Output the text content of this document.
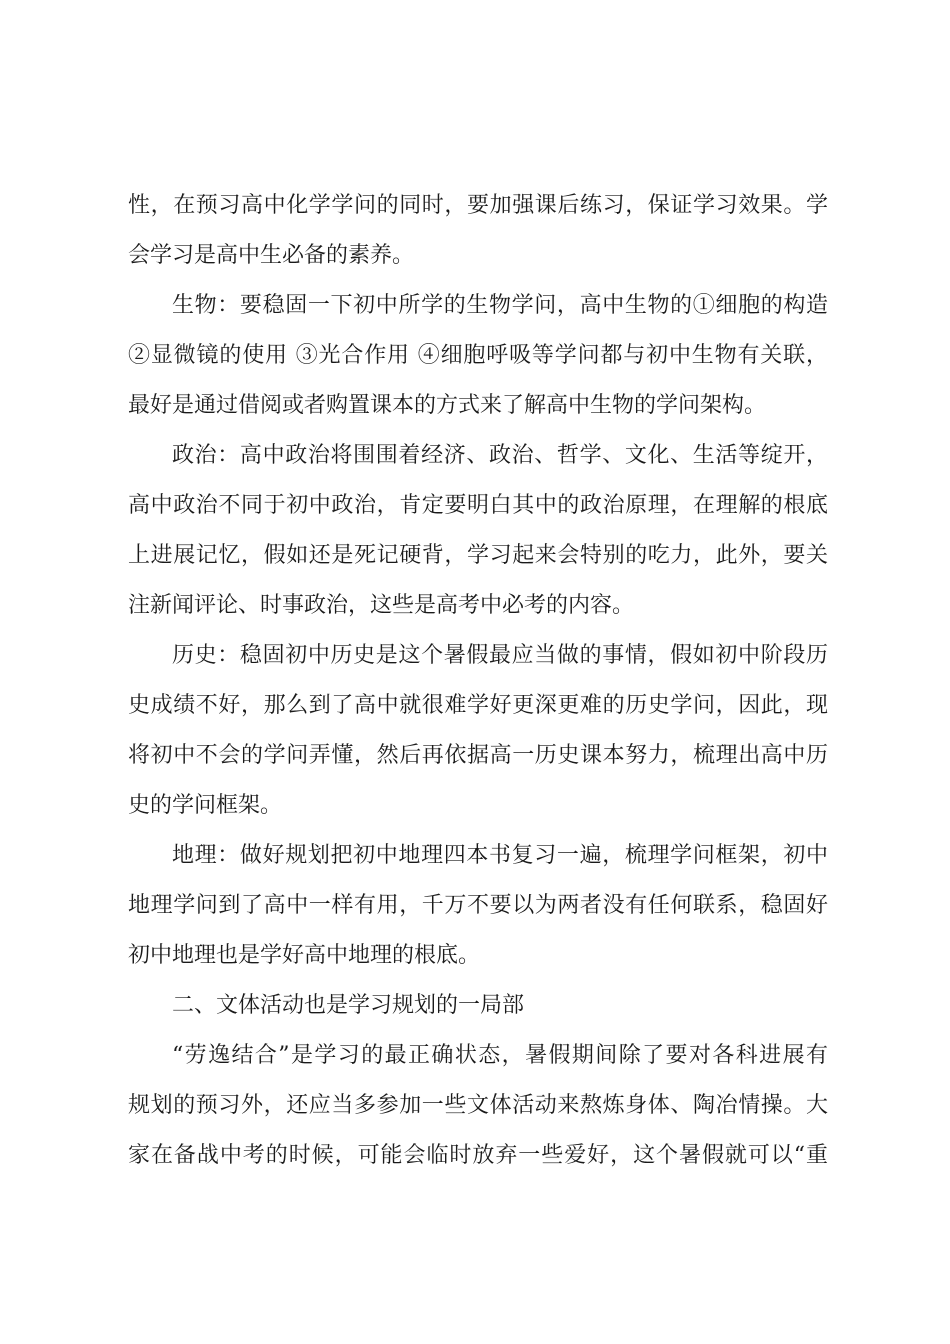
性，在预习高中化学学问的同时，要加强课后练习，保证学习效果。学
会学习是高中生必备的素养。
生物：要稳固一下初中所学的生物学问，高中生物的①细胞的构造
②显微镜的使用 ③光合作用 ④细胞呼吸等学问都与初中生物有关联，
最好是通过借阅或者购置课本的方式来了解高中生物的学问架构。
政治：高中政治将围围着经济、政治、哲学、文化、生活等绽开，
高中政治不同于初中政治，肯定要明白其中的政治原理，在理解的根底
上进展记忆，假如还是死记硬背，学习起来会特别的吃力，此外，要关
注新闻评论、时事政治，这些是高考中必考的内容。
历史：稳固初中历史是这个暑假最应当做的事情，假如初中阶段历
史成绩不好，那么到了高中就很难学好更深更难的历史学问，因此，现
将初中不会的学问弄懂，然后再依据高一历史课本努力，梳理出高中历
史的学问框架。
地理：做好规划把初中地理四本书复习一遍，梳理学问框架，初中
地理学问到了高中一样有用，千万不要以为两者没有任何联系，稳固好
初中地理也是学好高中地理的根底。
二、文体活动也是学习规划的一局部
“劳逸结合”是学习的最正确状态，暑假期间除了要对各科进展有
规划的预习外，还应当多参加一些文体活动来熬炼身体、陶冶情操。大
家在备战中考的时候，可能会临时放弃一些爱好，这个暑假就可以“重
